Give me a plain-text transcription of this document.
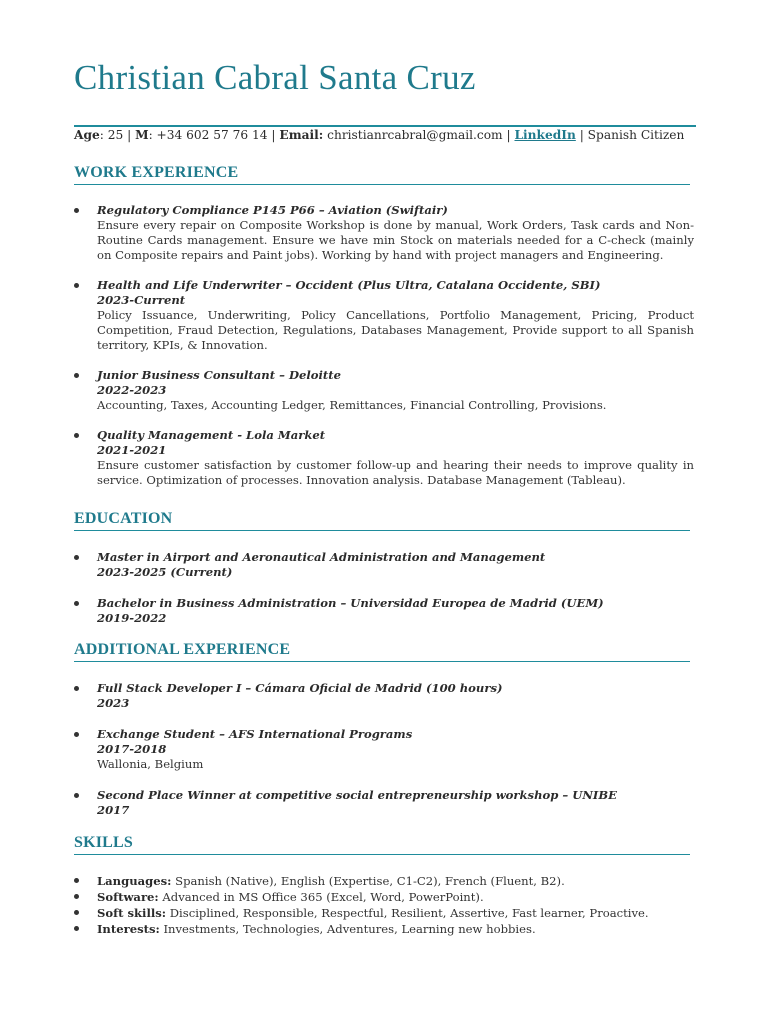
Christian Cabral Santa Cruz
Age: 25 | M: +34 602 57 76 14 | Email: christianrcabral@gmail.com | LinkedIn | Spanish Citizen
WORK EXPERIENCE
Regulatory Compliance P145 P66 – Aviation (Swiftair)
Ensure every repair on Composite Workshop is done by manual, Work Orders, Task cards and Non-Routine Cards management. Ensure we have min Stock on materials needed for a C-check (mainly on Composite repairs and Paint jobs). Working by hand with project managers and Engineering.
Health and Life Underwriter – Occident (Plus Ultra, Catalana Occidente, SBI)
2023-Current
Policy Issuance, Underwriting, Policy Cancellations, Portfolio Management, Pricing, Product Competition, Fraud Detection, Regulations, Databases Management, Provide support to all Spanish territory, KPIs, & Innovation.
Junior Business Consultant – Deloitte
2022-2023
Accounting, Taxes, Accounting Ledger, Remittances, Financial Controlling, Provisions.
Quality Management - Lola Market
2021-2021
Ensure customer satisfaction by customer follow-up and hearing their needs to improve quality in service. Optimization of processes. Innovation analysis. Database Management (Tableau).
EDUCATION
Master in Airport and Aeronautical Administration and Management
2023-2025 (Current)
Bachelor in Business Administration – Universidad Europea de Madrid (UEM)
2019-2022
ADDITIONAL EXPERIENCE
Full Stack Developer I – Cámara Oficial de Madrid (100 hours)
2023
Exchange Student – AFS International Programs
2017-2018
Wallonia, Belgium
Second Place Winner at competitive social entrepreneurship workshop – UNIBE
2017
SKILLS
Languages: Spanish (Native), English (Expertise, C1-C2), French (Fluent, B2).
Software: Advanced in MS Office 365 (Excel, Word, PowerPoint).
Soft skills: Disciplined, Responsible, Respectful, Resilient, Assertive, Fast learner, Proactive.
Interests: Investments, Technologies, Adventures, Learning new hobbies.
